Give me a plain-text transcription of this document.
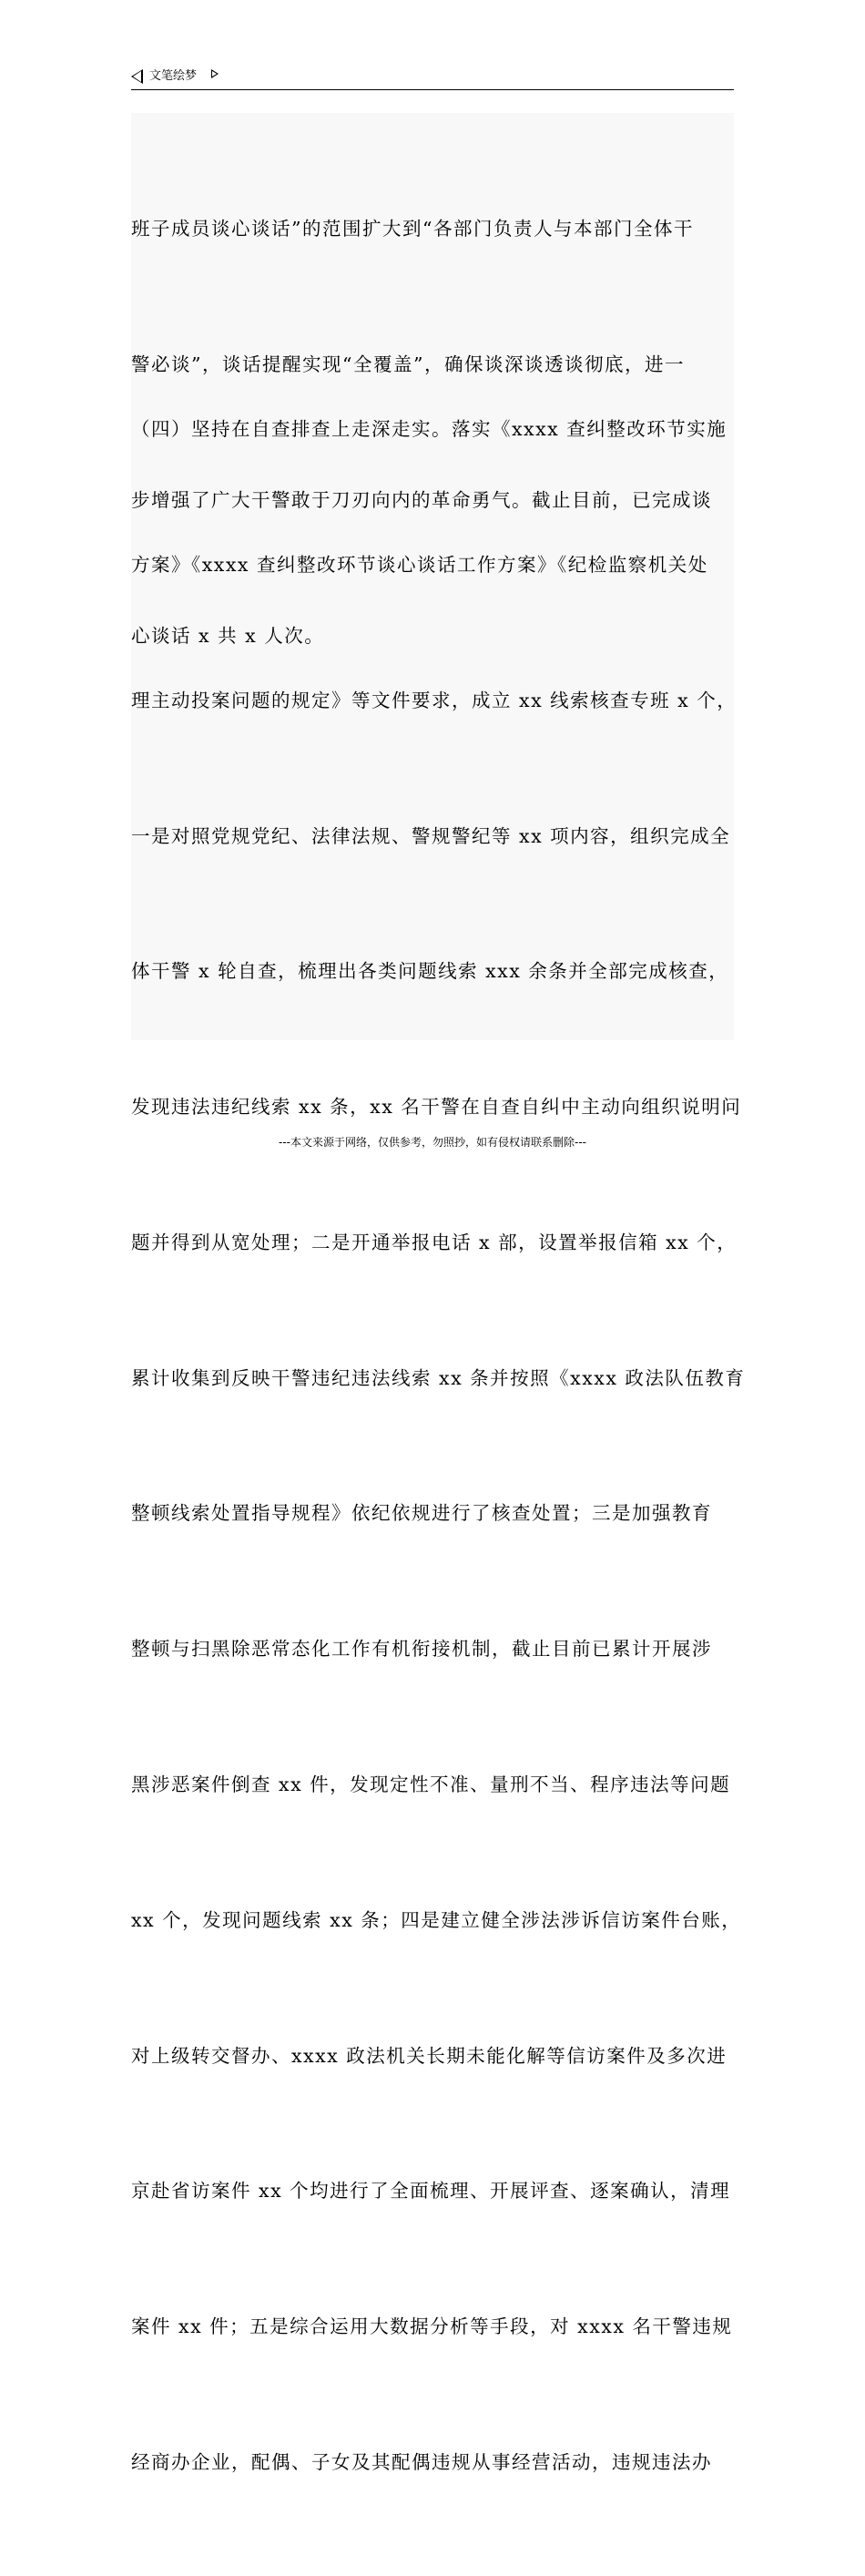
文笔绘梦

班子成员谈心谈话”的范围扩大到“各部门负责人与本部门全体干

警必谈”，谈话提醒实现“全覆盖”，确保谈深谈透谈彻底，进一

步增强了广大干警敢于刀刃向内的革命勇气。截止目前，已完成谈

心谈话 x 共 x 人次。

（四）坚持在自查排查上走深走实。落实《xxxx 查纠整改环节实施

方案》《xxxx 查纠整改环节谈心谈话工作方案》《纪检监察机关处

理主动投案问题的规定》等文件要求，成立 xx 线索核查专班 x 个，

一是对照党规党纪、法律法规、警规警纪等 xx 项内容，组织完成全

体干警 x 轮自查，梳理出各类问题线索 xxx 余条并全部完成核查，

发现违法违纪线索 xx 条，xx 名干警在自查自纠中主动向组织说明问

题并得到从宽处理；二是开通举报电话 x 部，设置举报信箱 xx 个，

累计收集到反映干警违纪违法线索 xx 条并按照《xxxx 政法队伍教育

整顿线索处置指导规程》依纪依规进行了核查处置；三是加强教育

整顿与扫黑除恶常态化工作有机衔接机制，截止目前已累计开展涉

黑涉恶案件倒查 xx 件，发现定性不准、量刑不当、程序违法等问题

xx 个，发现问题线索 xx 条；四是建立健全涉法涉诉信访案件台账，

对上级转交督办、xxxx 政法机关长期未能化解等信访案件及多次进

京赴省访案件 xx 个均进行了全面梳理、开展评查、逐案确认，清理

案件 xx 件；五是综合运用大数据分析等手段，对 xxxx 名干警违规

经商办企业，配偶、子女及其配偶违规从事经营活动，违规违法办

---本文来源于网络，仅供参考，勿照抄，如有侵权请联系删除---
